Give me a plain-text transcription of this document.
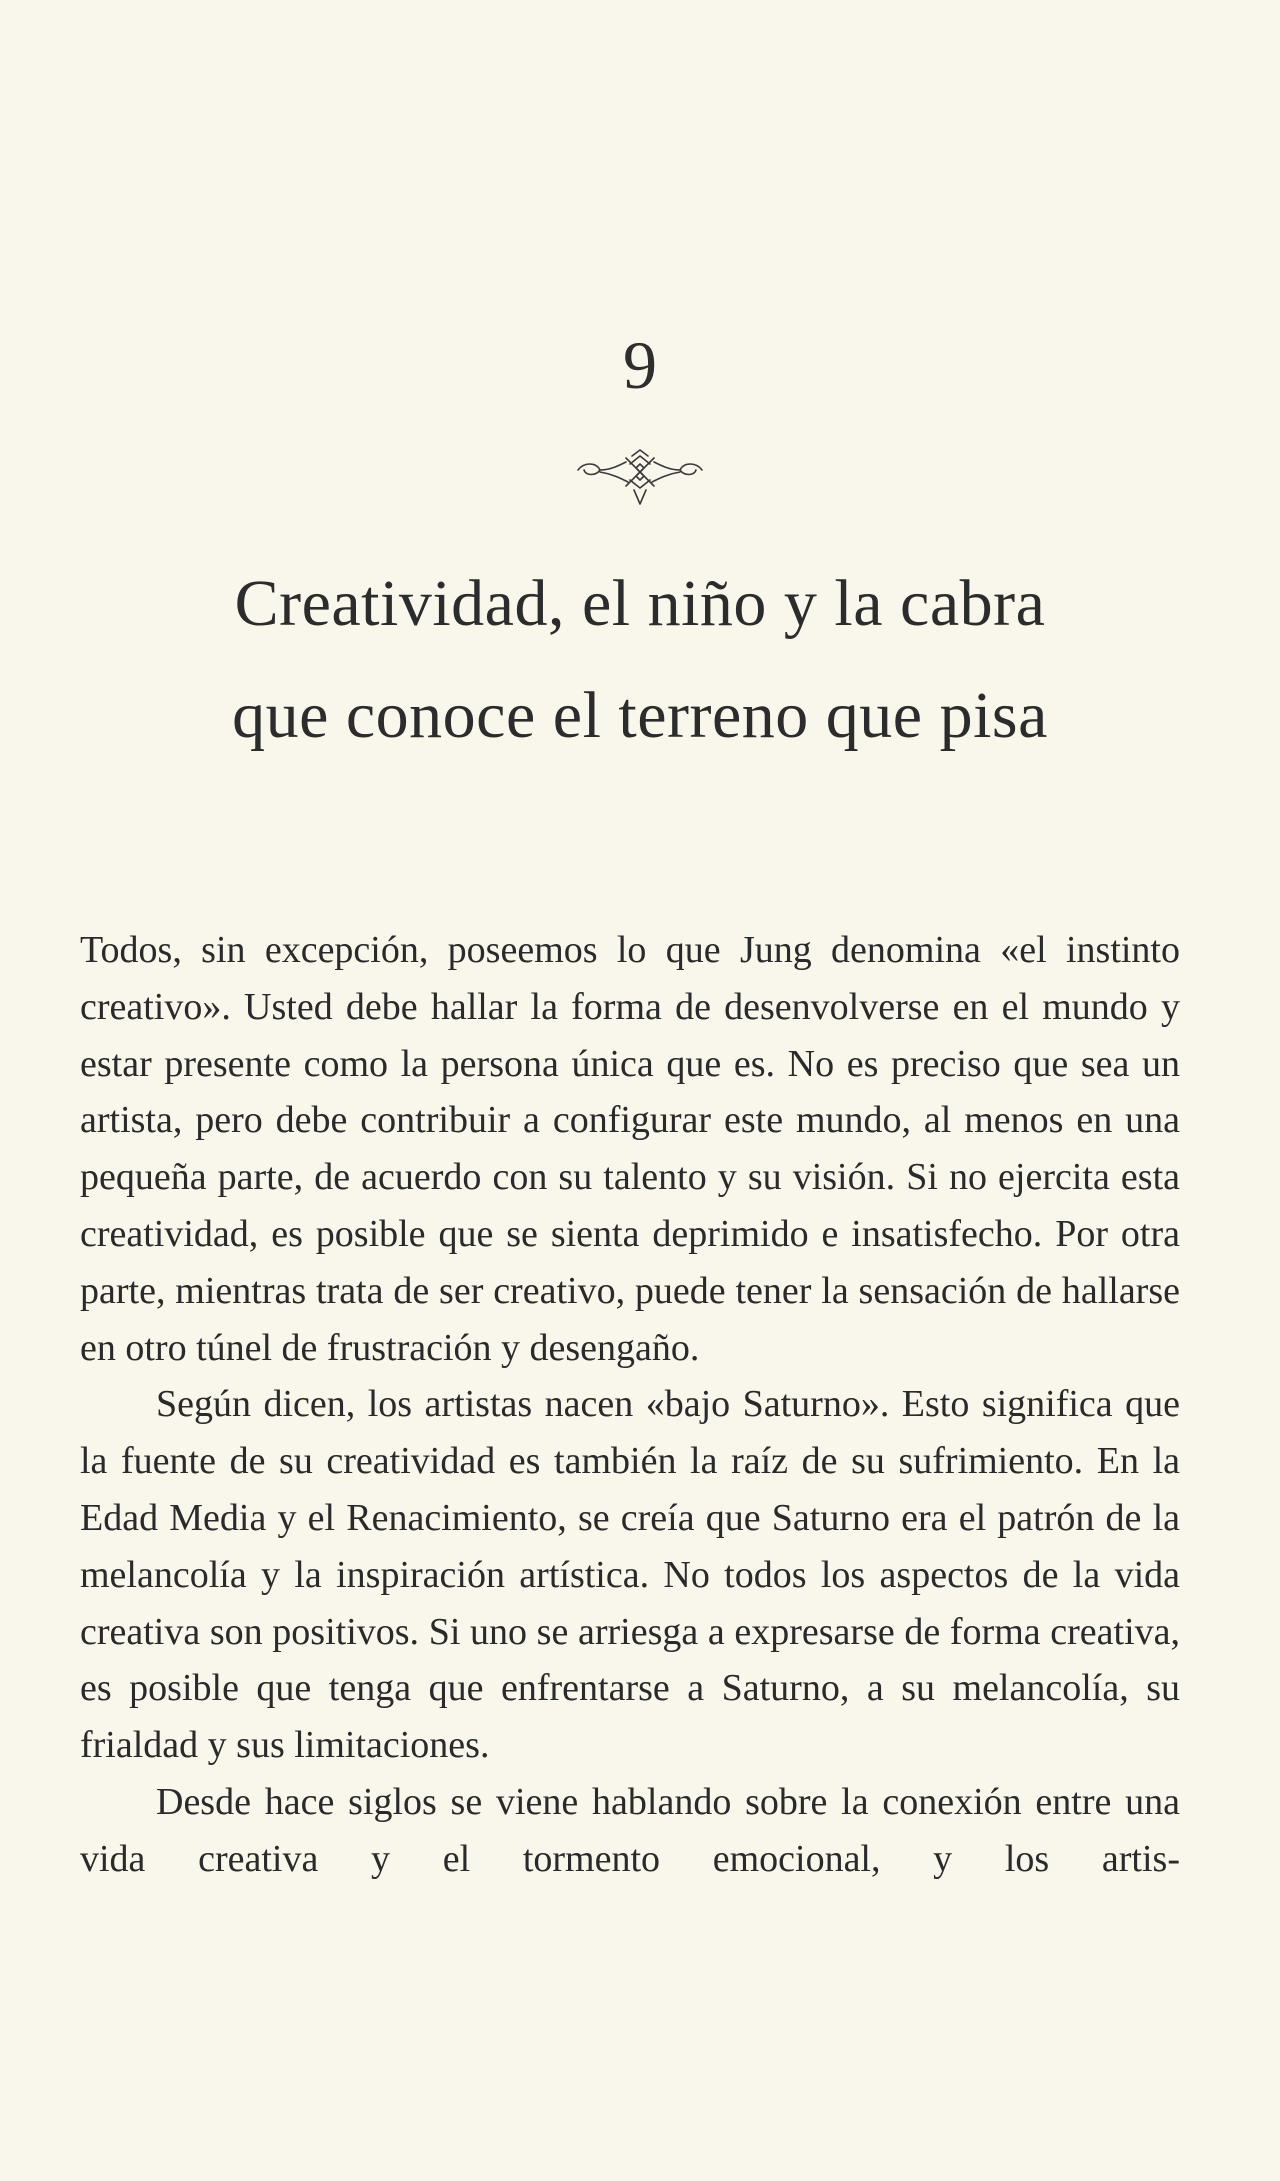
9
Creatividad, el niño y la cabra
que conoce el terreno que pisa

Todos, sin excepción, poseemos lo que Jung denomina «el instinto creativo». Usted debe hallar la forma de desenvolverse en el mundo y estar presente como la persona única que es. No es preciso que sea un artista, pero debe contribuir a configurar este mundo, al menos en una pequeña parte, de acuerdo con su talento y su visión. Si no ejercita esta creatividad, es posible que se sienta deprimido e insatisfecho. Por otra parte, mientras trata de ser creativo, puede tener la sensación de hallarse en otro túnel de frustración y desengaño.

Según dicen, los artistas nacen «bajo Saturno». Esto significa que la fuente de su creatividad es también la raíz de su sufrimiento. En la Edad Media y el Renacimiento, se creía que Saturno era el patrón de la melancolía y la inspiración artística. No todos los aspectos de la vida creativa son positivos. Si uno se arriesga a expresarse de forma creativa, es posible que tenga que enfrentarse a Saturno, a su melancolía, su frialdad y sus limitaciones.

Desde hace siglos se viene hablando sobre la conexión entre una vida creativa y el tormento emocional, y los artis-
